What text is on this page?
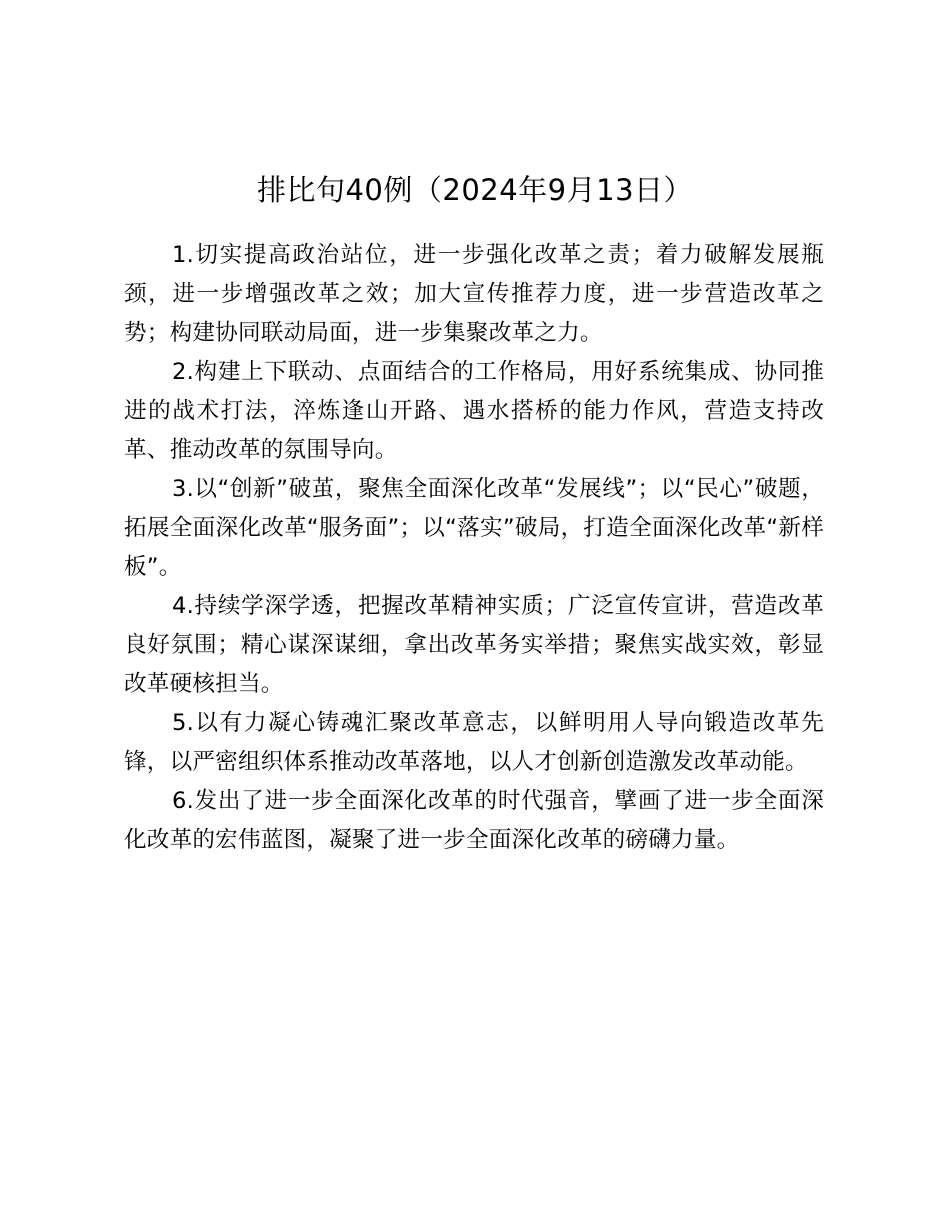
排比句40例（2024年9月13日）

1.切实提高政治站位，进一步强化改革之责；着力破解发展瓶颈，进一步增强改革之效；加大宣传推荐力度，进一步营造改革之势；构建协同联动局面，进一步集聚改革之力。

2.构建上下联动、点面结合的工作格局，用好系统集成、协同推进的战术打法，淬炼逢山开路、遇水搭桥的能力作风，营造支持改革、推动改革的氛围导向。

3.以“创新”破茧，聚焦全面深化改革“发展线”；以“民心”破题，拓展全面深化改革“服务面”；以“落实”破局，打造全面深化改革“新样板”。

4.持续学深学透，把握改革精神实质；广泛宣传宣讲，营造改革良好氛围；精心谋深谋细，拿出改革务实举措；聚焦实战实效，彰显改革硬核担当。

5.以有力凝心铸魂汇聚改革意志，以鲜明用人导向锻造改革先锋，以严密组织体系推动改革落地，以人才创新创造激发改革动能。

6.发出了进一步全面深化改革的时代强音，擘画了进一步全面深化改革的宏伟蓝图，凝聚了进一步全面深化改革的磅礴力量。
